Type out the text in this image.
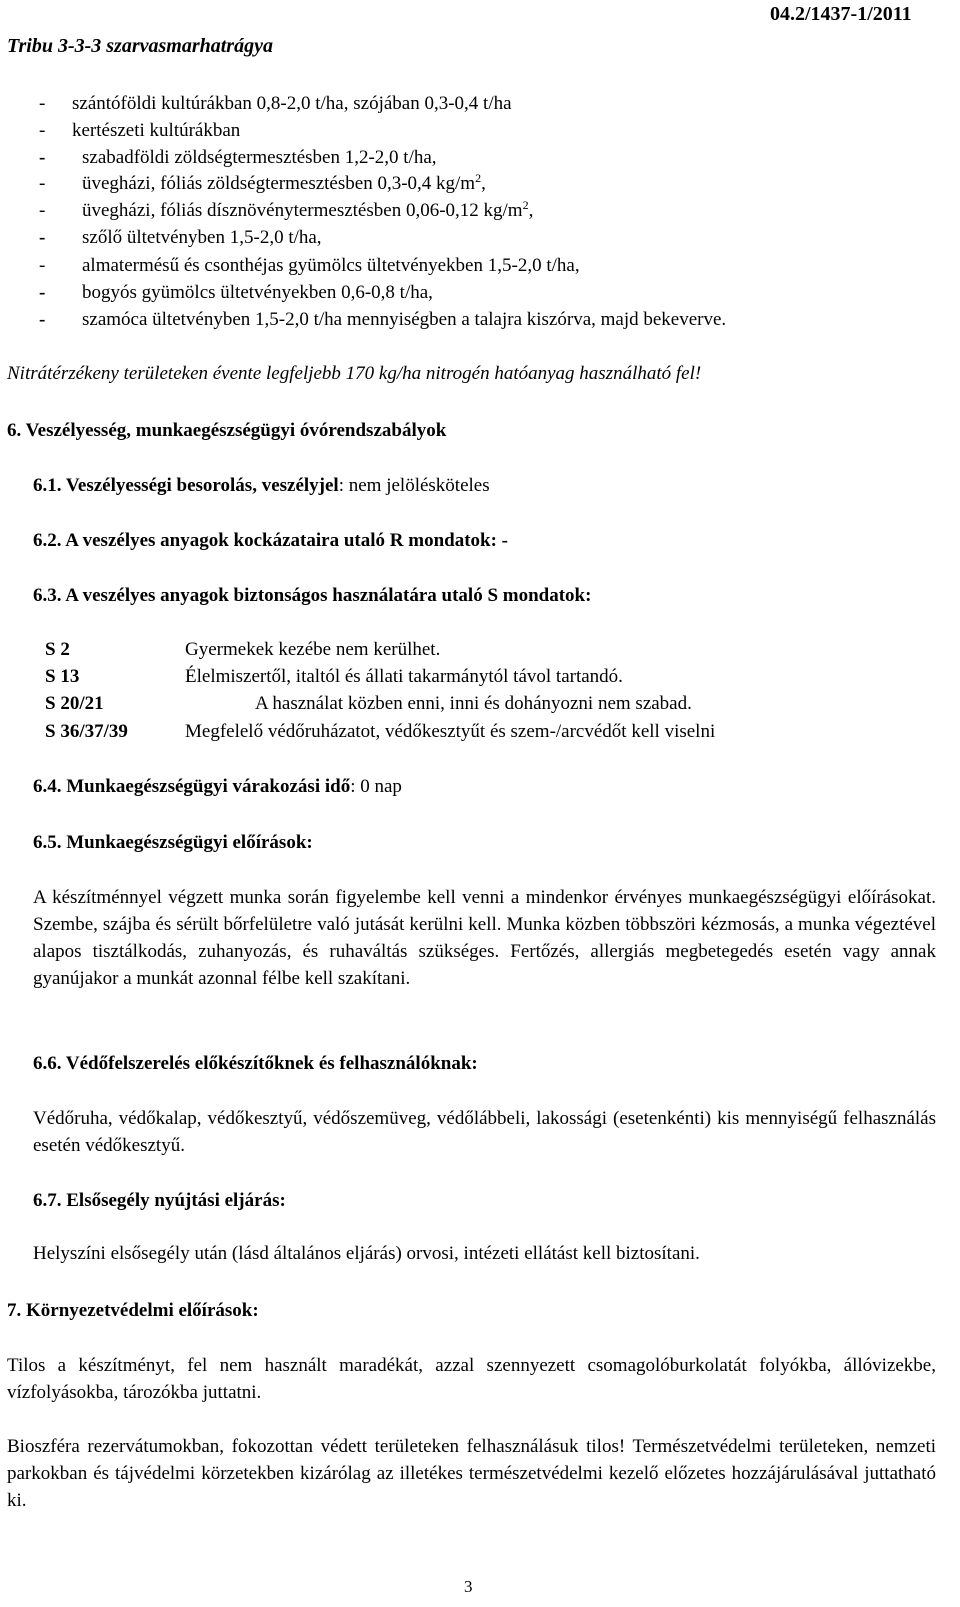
Tribu 3-3-3 szarvasmarhatrágya
04.2/1437-1/2011
-	szántóföldi kultúrákban 0,8-2,0 t/ha, szójában 0,3-0,4 t/ha
-	kertészeti kultúrákban
-	szabadföldi zöldségtermesztésben 1,2-2,0 t/ha,
-	üvegházi, fóliás zöldségtermesztésben 0,3-0,4 $kg/m^2$,
-	üvegházi, fóliás dísznövénytermesztésben 0,06-0,12 $kg/m^2$,
-	szőlő ültetvényben 1,5-2,0 t/ha,
-	almatermésű és csonthéjas gyümölcs ültetvényekben 1,5-2,0 t/ha,
-	bogyós gyümölcs ültetvényekben 0,6-0,8 t/ha,
-	szamóca ültetvényben 1,5-2,0 t/ha mennyiségben a talajra kiszórva, majd bekeverve.
Nitrátérzékeny területeken évente legfeljebb 170 kg/ha nitrogén hatóanyag használható fel!
6. Veszélyesség, munkaegészségügyi óvórendszabályok
6.1. Veszélyességi besorolás, veszélyjel: nem jelölésköteles
6.2. A veszélyes anyagok kockázataira utaló R mondatok: -
6.3. A veszélyes anyagok biztonságos használatára utaló S mondatok:
S 2	Gyermekek kezébe nem kerülhet.
S 13	Élelmiszertől, italtól és állati takarmánytól távol tartandó.
S 20/21	A használat közben enni, inni és dohányozni nem szabad.
S 36/37/39	Megfelelő védőruházatot, védőkesztyűt és szem-/arcvédőt kell viselni
6.4. Munkaegészségügyi várakozási idő: 0 nap
6.5. Munkaegészségügyi előírások:
A készítménnyel végzett munka során figyelembe kell venni a mindenkor érvényes munkaegészségügyi előírásokat. Szembe, szájba és sérült bőrfelületre való jutását kerülni kell. Munka közben többszöri kézmosás, a munka végeztével alapos tisztálkodás, zuhanyozás, és ruhaváltás szükséges. Fertőzés, allergiás megbetegedés esetén vagy annak gyanújakor a munkát azonnal félbe kell szakítani.
6.6. Védőfelszerelés előkészítőknek és felhasználóknak:
Védőruha, védőkalap, védőkesztyű, védőszemüveg, védőlábbeli, lakossági (esetenkénti) kis mennyiségű felhasználás esetén védőkesztyű.
6.7. Elsősegély nyújtási eljárás:
Helyszíni elsősegély után (lásd általános eljárás) orvosi, intézeti ellátást kell biztosítani.
7. Környezetvédelmi előírások:
Tilos a készítményt, fel nem használt maradékát, azzal szennyezett csomagolóburkolatát folyókba, állóvizekbe, vízfolyásokba, tározókba juttatni.
Bioszféra rezervátumokban, fokozottan védett területeken felhasználásuk tilos! Természetvédelmi területeken, nemzeti parkokban és tájvédelmi körzetekben kizárólag az illetékes természetvédelmi kezelő előzetes hozzájárulásával juttatható ki.
3
